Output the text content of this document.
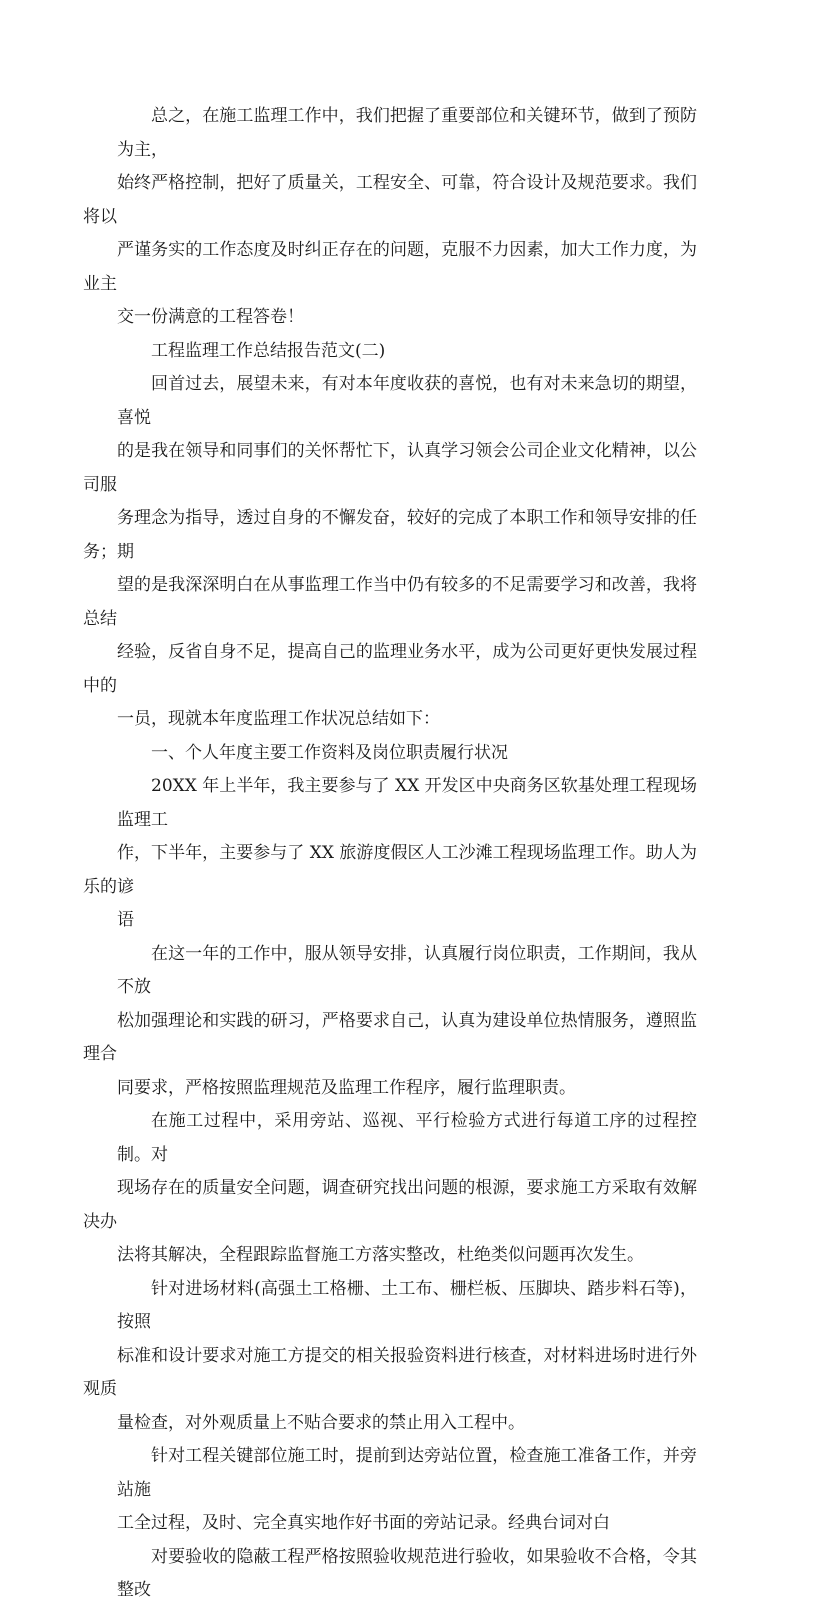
总之，在施工监理工作中，我们把握了重要部位和关键环节，做到了预防为主，
始终严格控制，把好了质量关，工程安全、可靠，符合设计及规范要求。我们将以
严谨务实的工作态度及时纠正存在的问题，克服不力因素，加大工作力度，为业主
交一份满意的工程答卷！

工程监理工作总结报告范文(二)

回首过去，展望未来，有对本年度收获的喜悦，也有对未来急切的期望，喜悦
的是我在领导和同事们的关怀帮忙下，认真学习领会公司企业文化精神，以公司服
务理念为指导，透过自身的不懈发奋，较好的完成了本职工作和领导安排的任务；期
望的是我深深明白在从事监理工作当中仍有较多的不足需要学习和改善，我将总结
经验，反省自身不足，提高自己的监理业务水平，成为公司更好更快发展过程中的
一员，现就本年度监理工作状况总结如下：

一、个人年度主要工作资料及岗位职责履行状况

20XX 年上半年，我主要参与了 XX 开发区中央商务区软基处理工程现场监理工
作，下半年，主要参与了 XX 旅游度假区人工沙滩工程现场监理工作。助人为乐的谚
语

在这一年的工作中，服从领导安排，认真履行岗位职责，工作期间，我从不放
松加强理论和实践的研习，严格要求自己，认真为建设单位热情服务，遵照监理合
同要求，严格按照监理规范及监理工作程序，履行监理职责。

在施工过程中，采用旁站、巡视、平行检验方式进行每道工序的过程控制。对
现场存在的质量安全问题，调查研究找出问题的根源，要求施工方采取有效解决办
法将其解决，全程跟踪监督施工方落实整改，杜绝类似问题再次发生。

针对进场材料(高强土工格栅、土工布、栅栏板、压脚块、踏步料石等)，按照
标准和设计要求对施工方提交的相关报验资料进行核查，对材料进场时进行外观质
量检查，对外观质量上不贴合要求的禁止用入工程中。

针对工程关键部位施工时，提前到达旁站位置，检查施工准备工作，并旁站施
工全过程，及时、完全真实地作好书面的旁站记录。经典台词对白

对要验收的隐蔽工程严格按照验收规范进行验收，如果验收不合格，令其整改
